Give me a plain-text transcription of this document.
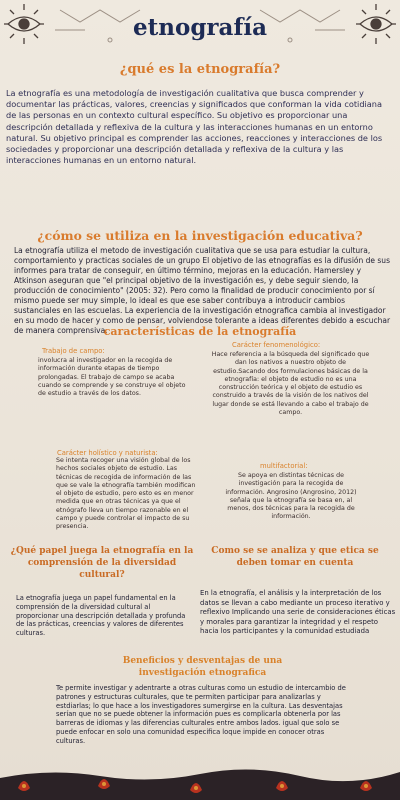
etnografía
¿qué es la etnografía?
La etnografía es una metodología de investigación cualitativa que busca comprender y documentar las prácticas, valores, creencias y significados que conforman la vida cotidiana de las personas en un contexto cultural específico. Su objetivo es proporcionar una descripción detallada y reflexiva de la cultura y las interacciones humanas en un entorno natural. Su objetivo principal es comprender las acciones, reacciones y interacciones de los sociedades y proporcionar una descripción detallada y reflexiva de la cultura y las interacciones humanas en un entorno natural.
¿cómo se utiliza en la investigación educativa?
La etnografía utiliza el metodo de investigación cualitativa que se usa para estudiar la cultura, comportamiento y practicas sociales de un grupo El objetivo de las etnografías es la difusión de sus informes para tratar de conseguir, en último término, mejoras en la educación. Hamersley y Atkinson aseguran que "el principal objetivo de la investigación es, y debe seguir siendo, la producción de conocimiento" (2005: 32). Pero como la finalidad de producir conocimiento por sí mismo puede ser muy simple, lo ideal es que ese saber contribuya a introducir cambios sustanciales en las escuelas. La experiencia de la investigación etnografica cambia al investigador en su modo de hacer y como de pensar, volviendose tolerante a ideas diferentes debido a escuchar de manera comprensiva.
características de la etnografía
Trabajo de campo:
involucra al investigador en la recogida de información durante etapas de tiempo prolongadas. El trabajo de campo se acaba cuando se comprende y se construye el objeto de estudio a través de los datos.
Carácter fenomenológico:
Hace referencia a la búsqueda del significado que dan los nativos a nuestro objeto de estudio.Sacando dos formulaciones básicas de la etnografía: el objeto de estudio no es una construcción teórica y el objeto de estudio es construido a través de la visión de los nativos del lugar donde se está llevando a cabo el trabajo de campo.
Carácter holístico y naturista:
Se intenta recoger una visión global de los hechos sociales objeto de estudio. Las técnicas de recogida de información de las que se vale la etnografía también modifican el objeto de estudio, pero esto es en menor medida que en otras técnicas ya que el etnógrafo lleva un tiempo razonable en el campo y puede controlar el impacto de su presencia.
multifactorial:
Se apoya en distintas técnicas de investigación para la recogida de información. Angrosino (Angrosino, 2012) señala que la etnografía se basa en, al menos, dos técnicas para la recogida de información.
¿Qué papel juega la etnografía en la comprensión de la diversidad cultural?
La etnografía juega un papel fundamental en la comprensión de la diversidad cultural al proporcionar una descripción detallada y profunda de las prácticas, creencias y valores de diferentes culturas.
Como se se analiza y que etica se deben tomar en cuenta
En la etnografía, el análisis y la interpretación de los datos se llevan a cabo mediante un proceso iterativo y reflexivo Implicando una serie de consideraciones éticas y morales para garantizar la integridad y el respeto hacia los participantes y la comunidad estudiada
Beneficios y desventajas de una investigación etnografica
Te permite investigar y adentrarte a otras culturas como un estudio de intercambio de patrones y estructuras culturales, que te permiten participar para analizarlas y estdiarlas; lo que hace a los investigadores sumergirse en la cultura. Las desventajas serían que no se puede obtener la información pues es complicarla obtenerla por las barreras de idiomas y las diferencias culturales entre ambos lados. igual que solo se puede enfocar en solo una comunidad especifica loque impide en conocer otras culturas.
